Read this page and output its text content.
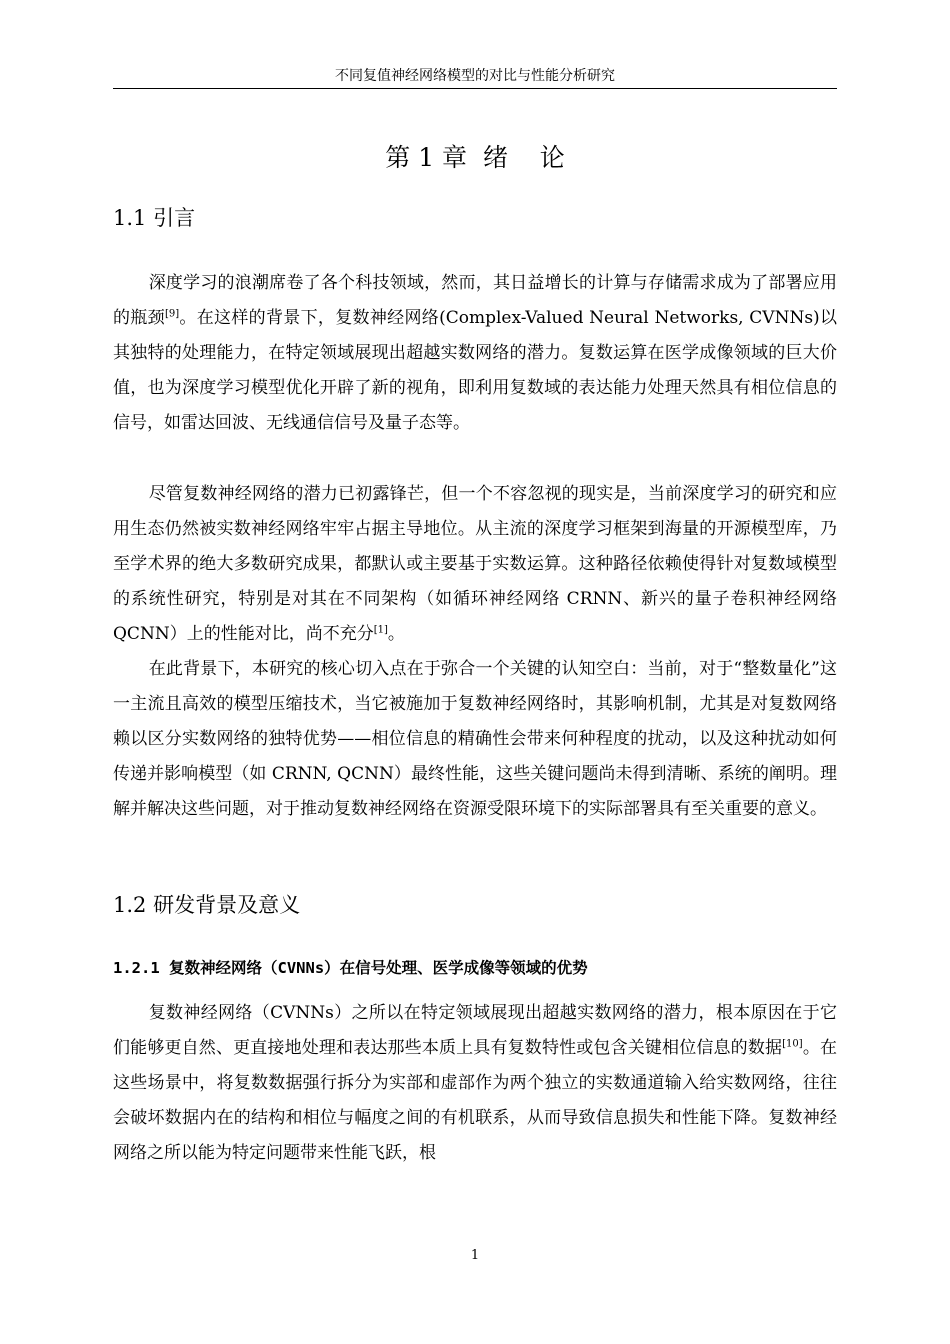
不同复值神经网络模型的对比与性能分析研究
第 1 章  绪    论
1.1 引言

深度学习的浪潮席卷了各个科技领域，然而，其日益增长的计算与存储需求成为了部署应用的瓶颈[9]。在这样的背景下，复数神经网络(Complex-Valued Neural Networks, CVNNs)以其独特的处理能力，在特定领域展现出超越实数网络的潜力。复数运算在医学成像领域的巨大价值，也为深度学习模型优化开辟了新的视角，即利用复数域的表达能力处理天然具有相位信息的信号，如雷达回波、无线通信信号及量子态等。

尽管复数神经网络的潜力已初露锋芒，但一个不容忽视的现实是，当前深度学习的研究和应用生态仍然被实数神经网络牢牢占据主导地位。从主流的深度学习框架到海量的开源模型库，乃至学术界的绝大多数研究成果，都默认或主要基于实数运算。这种路径依赖使得针对复数域模型的系统性研究，特别是对其在不同架构（如循环神经网络 CRNN、新兴的量子卷积神经网络 QCNN）上的性能对比，尚不充分[1]。

在此背景下，本研究的核心切入点在于弥合一个关键的认知空白：当前，对于“整数量化”这一主流且高效的模型压缩技术，当它被施加于复数神经网络时，其影响机制，尤其是对复数网络赖以区分实数网络的独特优势——相位信息的精确性会带来何种程度的扰动，以及这种扰动如何传递并影响模型（如 CRNN, QCNN）最终性能，这些关键问题尚未得到清晰、系统的阐明。理解并解决这些问题，对于推动复数神经网络在资源受限环境下的实际部署具有至关重要的意义。

1.2 研发背景及意义
1.2.1 复数神经网络（CVNNs）在信号处理、医学成像等领域的优势

复数神经网络（CVNNs）之所以在特定领域展现出超越实数网络的潜力，根本原因在于它们能够更自然、更直接地处理和表达那些本质上具有复数特性或包含关键相位信息的数据[10]。在这些场景中，将复数数据强行拆分为实部和虚部作为两个独立的实数通道输入给实数网络，往往会破坏数据内在的结构和相位与幅度之间的有机联系，从而导致信息损失和性能下降。复数神经网络之所以能为特定问题带来性能飞跃，根

1
